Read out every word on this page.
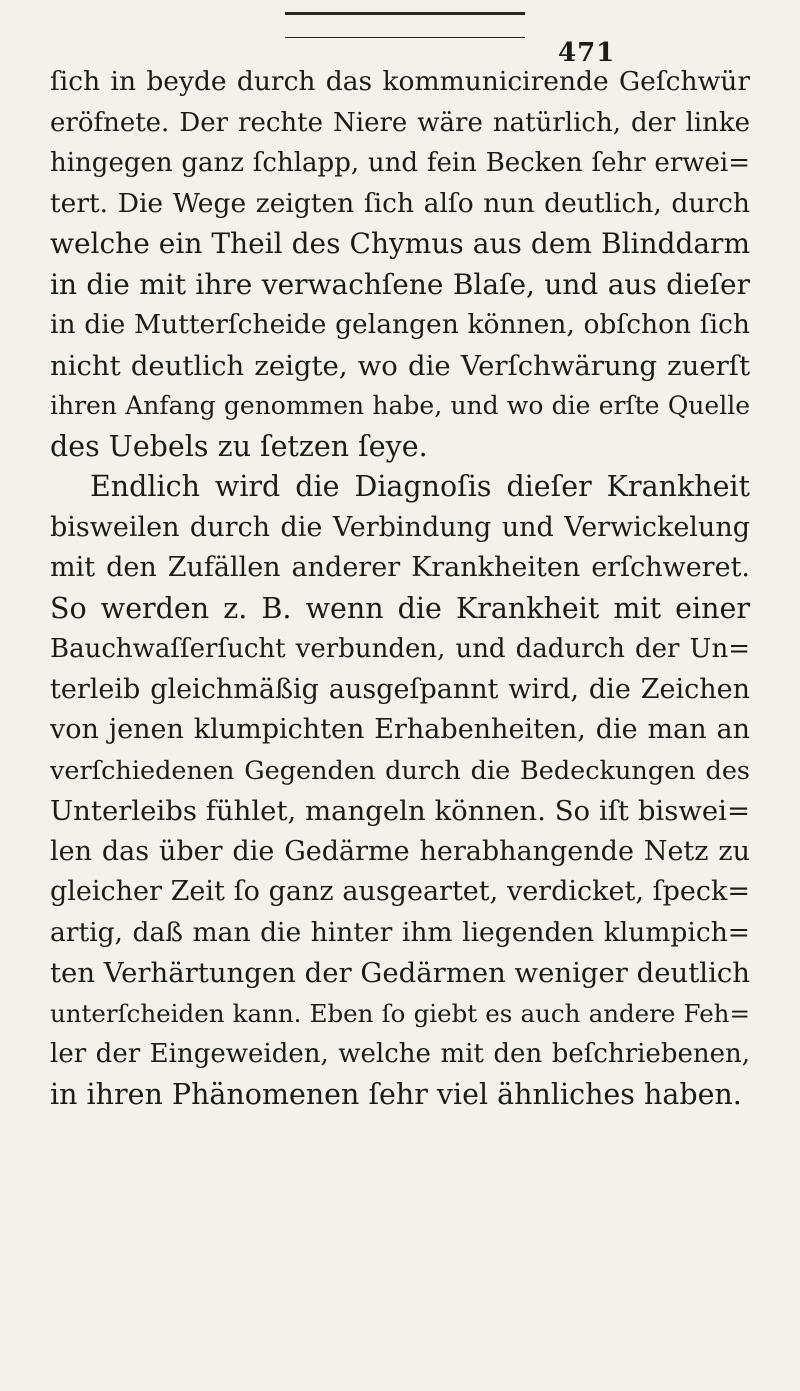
471
ſich in beyde durch das kommunicirende Geſchwür
eröfnete. Der rechte Niere wäre natürlich, der linke
hingegen ganz ſchlapp, und fein Becken ſehr erwei=
tert. Die Wege zeigten ſich alſo nun deutlich, durch
welche ein Theil des Chymus aus dem Blinddarm
in die mit ihre verwachſene Blaſe, und aus dieſer
in die Mutterſcheide gelangen können, obſchon ſich
nicht deutlich zeigte, wo die Verſchwärung zuerſt
ihren Anfang genommen habe, und wo die erſte Quelle
des Uebels zu ſetzen ſeye.
Endlich wird die Diagnoſis dieſer Krankheit
bisweilen durch die Verbindung und Verwickelung
mit den Zufällen anderer Krankheiten erſchweret.
So werden z. B. wenn die Krankheit mit einer
Bauchwaſſerſucht verbunden, und dadurch der Un=
terleib gleichmäßig ausgeſpannt wird, die Zeichen
von jenen klumpichten Erhabenheiten, die man an
verſchiedenen Gegenden durch die Bedeckungen des
Unterleibs fühlet, mangeln können. So iſt biswei=
len das über die Gedärme herabhangende Netz zu
gleicher Zeit ſo ganz ausgeartet, verdicket, ſpeck=
artig, daß man die hinter ihm liegenden klumpich=
ten Verhärtungen der Gedärmen weniger deutlich
unterſcheiden kann. Eben ſo giebt es auch andere Feh=
ler der Eingeweiden, welche mit den beſchriebenen,
in ihren Phänomenen ſehr viel ähnliches haben.
